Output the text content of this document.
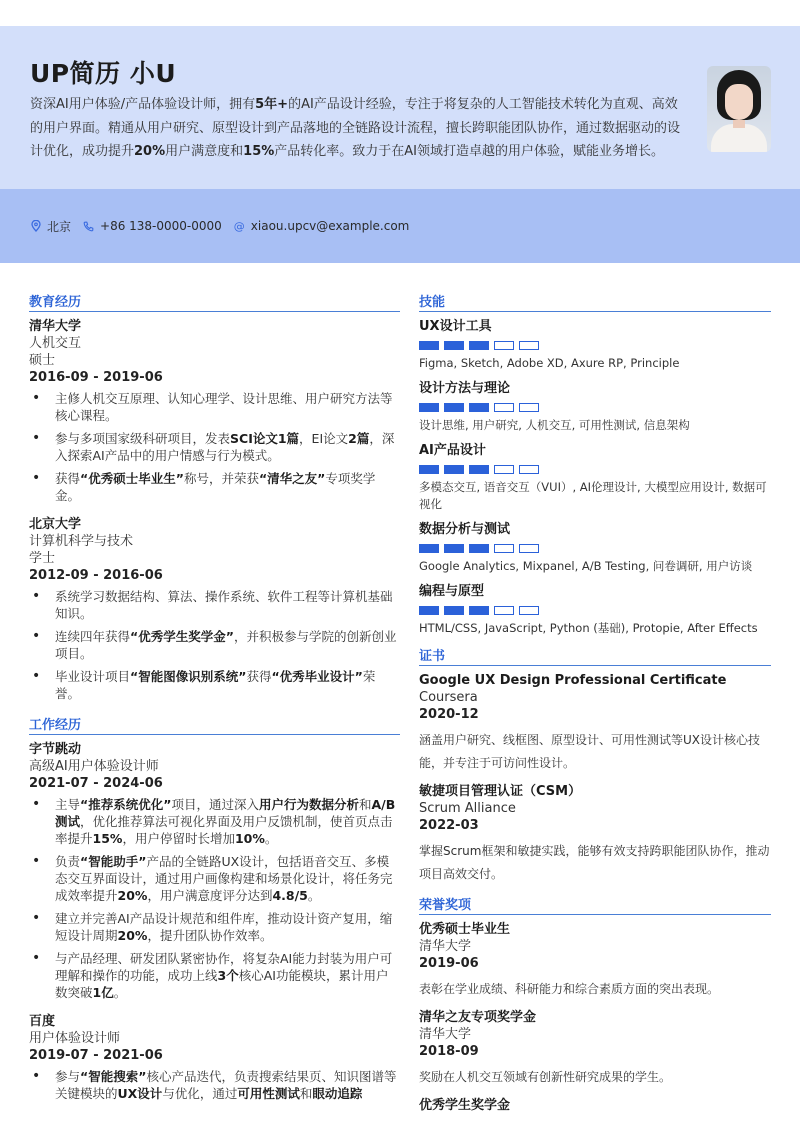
UP简历 小U
资深AI用户体验/产品体验设计师，拥有5年+的AI产品设计经验，专注于将复杂的人工智能技术转化为直观、高效的用户界面。精通从用户研究、原型设计到产品落地的全链路设计流程，擅长跨职能团队协作，通过数据驱动的设计优化，成功提升20%用户满意度和15%产品转化率。致力于在AI领域打造卓越的用户体验，赋能业务增长。
北京 +86 138-0000-0000 @ xiaou.upcv@example.com
教育经历
清华大学
人机交互
硕士
2016-09 - 2019-06
• 主修人机交互原理、认知心理学、设计思维、用户研究方法等核心课程。
• 参与多项国家级科研项目，发表SCI论文1篇，EI论文2篇，深入探索AI产品中的用户情感与行为模式。
• 获得“优秀硕士毕业生”称号，并荣获“清华之友”专项奖学金。
北京大学
计算机科学与技术
学士
2012-09 - 2016-06
• 系统学习数据结构、算法、操作系统、软件工程等计算机基础知识。
• 连续四年获得“优秀学生奖学金”，并积极参与学院的创新创业项目。
• 毕业设计项目“智能图像识别系统”获得“优秀毕业设计”荣誉。
工作经历
字节跳动
高级AI用户体验设计师
2021-07 - 2024-06
• 主导“推荐系统优化”项目，通过深入用户行为数据分析和A/B测试，优化推荐算法可视化界面及用户反馈机制，使首页点击率提升15%，用户停留时长增加10%。
• 负责“智能助手”产品的全链路UX设计，包括语音交互、多模态交互界面设计，通过用户画像构建和场景化设计，将任务完成效率提升20%，用户满意度评分达到4.8/5。
• 建立并完善AI产品设计规范和组件库，推动设计资产复用，缩短设计周期20%，提升团队协作效率。
• 与产品经理、研发团队紧密协作，将复杂AI能力封装为用户可理解和操作的功能，成功上线3个核心AI功能模块，累计用户数突破1亿。
百度
用户体验设计师
2019-07 - 2021-06
• 参与“智能搜索”核心产品迭代，负责搜索结果页、知识图谱等关键模块的UX设计与优化，通过可用性测试和眼动追踪
技能
UX设计工具
Figma, Sketch, Adobe XD, Axure RP, Principle
设计方法与理论
设计思维, 用户研究, 人机交互, 可用性测试, 信息架构
AI产品设计
多模态交互, 语音交互（VUI）, AI伦理设计, 大模型应用设计, 数据可视化
数据分析与测试
Google Analytics, Mixpanel, A/B Testing, 问卷调研, 用户访谈
编程与原型
HTML/CSS, JavaScript, Python (基础), Protopie, After Effects
证书
Google UX Design Professional Certificate
Coursera
2020-12
涵盖用户研究、线框图、原型设计、可用性测试等UX设计核心技能，并专注于可访问性设计。
敏捷项目管理认证（CSM）
Scrum Alliance
2022-03
掌握Scrum框架和敏捷实践，能够有效支持跨职能团队协作，推动项目高效交付。
荣誉奖项
优秀硕士毕业生
清华大学
2019-06
表彰在学业成绩、科研能力和综合素质方面的突出表现。
清华之友专项奖学金
清华大学
2018-09
奖励在人机交互领域有创新性研究成果的学生。
优秀学生奖学金
